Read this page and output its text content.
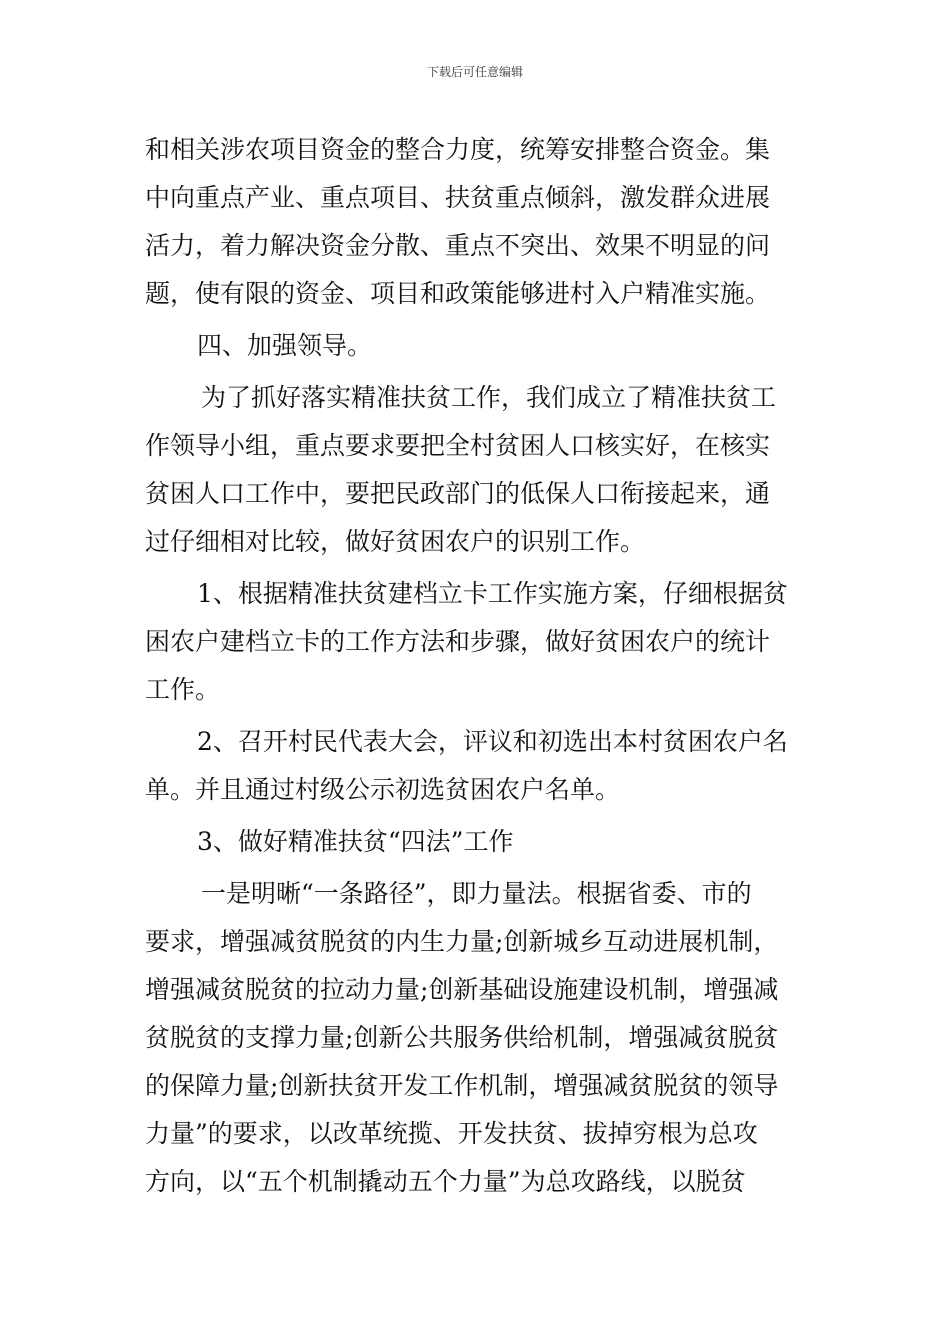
下载后可任意编辑
和相关涉农项目资金的整合力度，统筹安排整合资金。集
中向重点产业、重点项目、扶贫重点倾斜，激发群众进展
活力，着力解决资金分散、重点不突出、效果不明显的问
题，使有限的资金、项目和政策能够进村入户精准实施。
四、加强领导。
为了抓好落实精准扶贫工作，我们成立了精准扶贫工
作领导小组，重点要求要把全村贫困人口核实好，在核实
贫困人口工作中，要把民政部门的低保人口衔接起来，通
过仔细相对比较，做好贫困农户的识别工作。
1、根据精准扶贫建档立卡工作实施方案，仔细根据贫
困农户建档立卡的工作方法和步骤，做好贫困农户的统计
工作。
2、召开村民代表大会，评议和初选出本村贫困农户名
单。并且通过村级公示初选贫困农户名单。
3、做好精准扶贫“四法”工作
一是明晰“一条路径”，即力量法。根据省委、市的
要求，增强减贫脱贫的内生力量;创新城乡互动进展机制，
增强减贫脱贫的拉动力量;创新基础设施建设机制，增强减
贫脱贫的支撑力量;创新公共服务供给机制，增强减贫脱贫
的保障力量;创新扶贫开发工作机制，增强减贫脱贫的领导
力量”的要求，以改革统揽、开发扶贫、拔掉穷根为总攻
方向，以“五个机制撬动五个力量”为总攻路线，以脱贫
